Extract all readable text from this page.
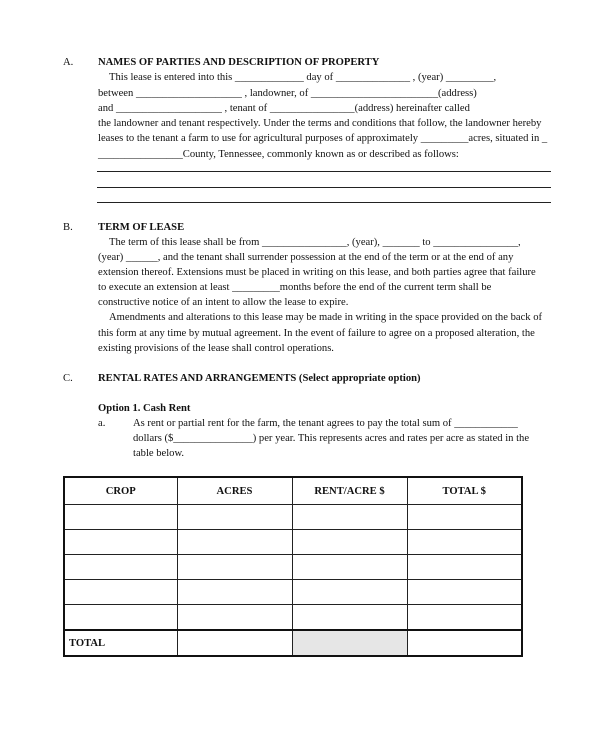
A. NAMES OF PARTIES AND DESCRIPTION OF PROPERTY
This lease is entered into this _____________ day of ______________ , (year) _________,
between ____________________ , landowner, of ________________________(address)
and ____________________ , tenant of ________________(address) hereinafter called
the landowner and tenant respectively. Under the terms and conditions that follow, the landowner hereby
leases to the tenant a farm to use for agricultural purposes of approximately _________acres, situated in _
________________County, Tennessee, commonly known as or described as follows:
B. TERM OF LEASE
The term of this lease shall be from ________________, (year), _______ to ________________,
(year) ______, and the tenant shall surrender possession at the end of the term or at the end of any
extension thereof. Extensions must be placed in writing on this lease, and both parties agree that failure
to execute an extension at least _________months before the end of the current term shall be
constructive notice of an intent to allow the lease to expire.
Amendments and alterations to this lease may be made in writing in the space provided on the back of
this form at any time by mutual agreement. In the event of failure to agree on a proposed alteration, the
existing provisions of the lease shall control operations.
C. RENTAL RATES AND ARRANGEMENTS (Select appropriate option)
Option 1. Cash Rent
a.	As rent or partial rent for the farm, the tenant agrees to pay the total sum of ____________
dollars ($_______________) per year. This represents acres and rates per acre as stated in the
table below.
CROP	ACRES	RENT/ACRE $	TOTAL $

TOTAL			
